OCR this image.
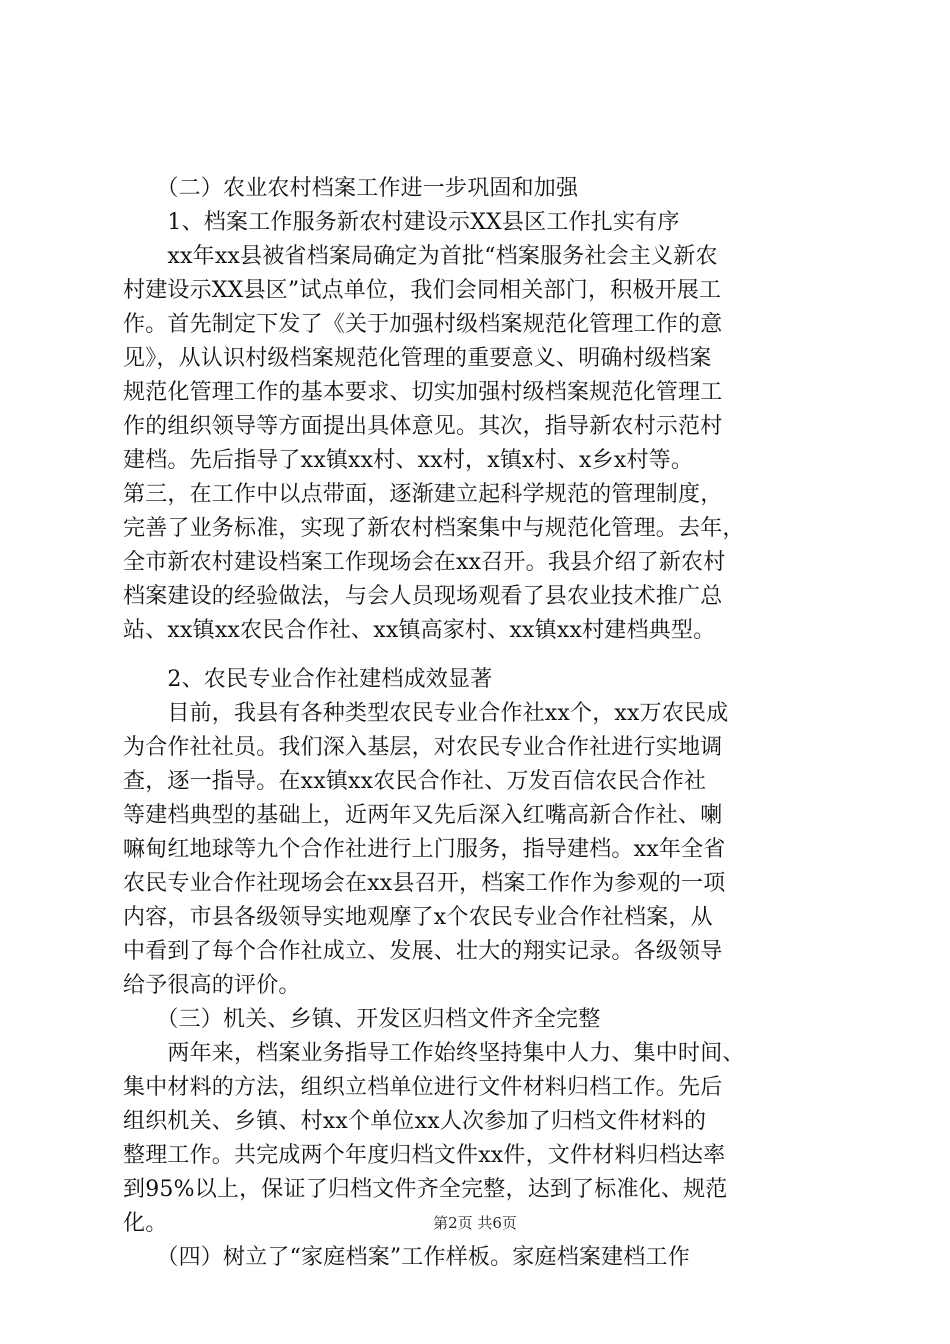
　　（二）农业农村档案工作进一步巩固和加强
　　1、档案工作服务新农村建设示XX县区工作扎实有序
　　xx年xx县被省档案局确定为首批“档案服务社会主义新农
村建设示XX县区”试点单位，我们会同相关部门，积极开展工
作。首先制定下发了《关于加强村级档案规范化管理工作的意
见》，从认识村级档案规范化管理的重要意义、明确村级档案
规范化管理工作的基本要求、切实加强村级档案规范化管理工
作的组织领导等方面提出具体意见。其次，指导新农村示范村
建档。先后指导了xx镇xx村、xx村，x镇x村、x乡x村等。
第三，在工作中以点带面，逐渐建立起科学规范的管理制度，
完善了业务标准，实现了新农村档案集中与规范化管理。去年，
全市新农村建设档案工作现场会在xx召开。我县介绍了新农村
档案建设的经验做法，与会人员现场观看了县农业技术推广总
站、xx镇xx农民合作社、xx镇高家村、xx镇xx村建档典型。
　　2、农民专业合作社建档成效显著
　　目前，我县有各种类型农民专业合作社xx个，xx万农民成
为合作社社员。我们深入基层，对农民专业合作社进行实地调
查，逐一指导。在xx镇xx农民合作社、万发百信农民合作社
等建档典型的基础上，近两年又先后深入红嘴高新合作社、喇
嘛甸红地球等九个合作社进行上门服务，指导建档。xx年全省
农民专业合作社现场会在xx县召开，档案工作作为参观的一项
内容，市县各级领导实地观摩了x个农民专业合作社档案，从
中看到了每个合作社成立、发展、壮大的翔实记录。各级领导
给予很高的评价。
　　（三）机关、乡镇、开发区归档文件齐全完整
　　两年来，档案业务指导工作始终坚持集中人力、集中时间、
集中材料的方法，组织立档单位进行文件材料归档工作。先后
组织机关、乡镇、村xx个单位xx人次参加了归档文件材料的
整理工作。共完成两个年度归档文件xx件，文件材料归档达率
到95%以上，保证了归档文件齐全完整，达到了标准化、规范
化。
　　（四）树立了“家庭档案”工作样板。家庭档案建档工作
第2页 共6页
